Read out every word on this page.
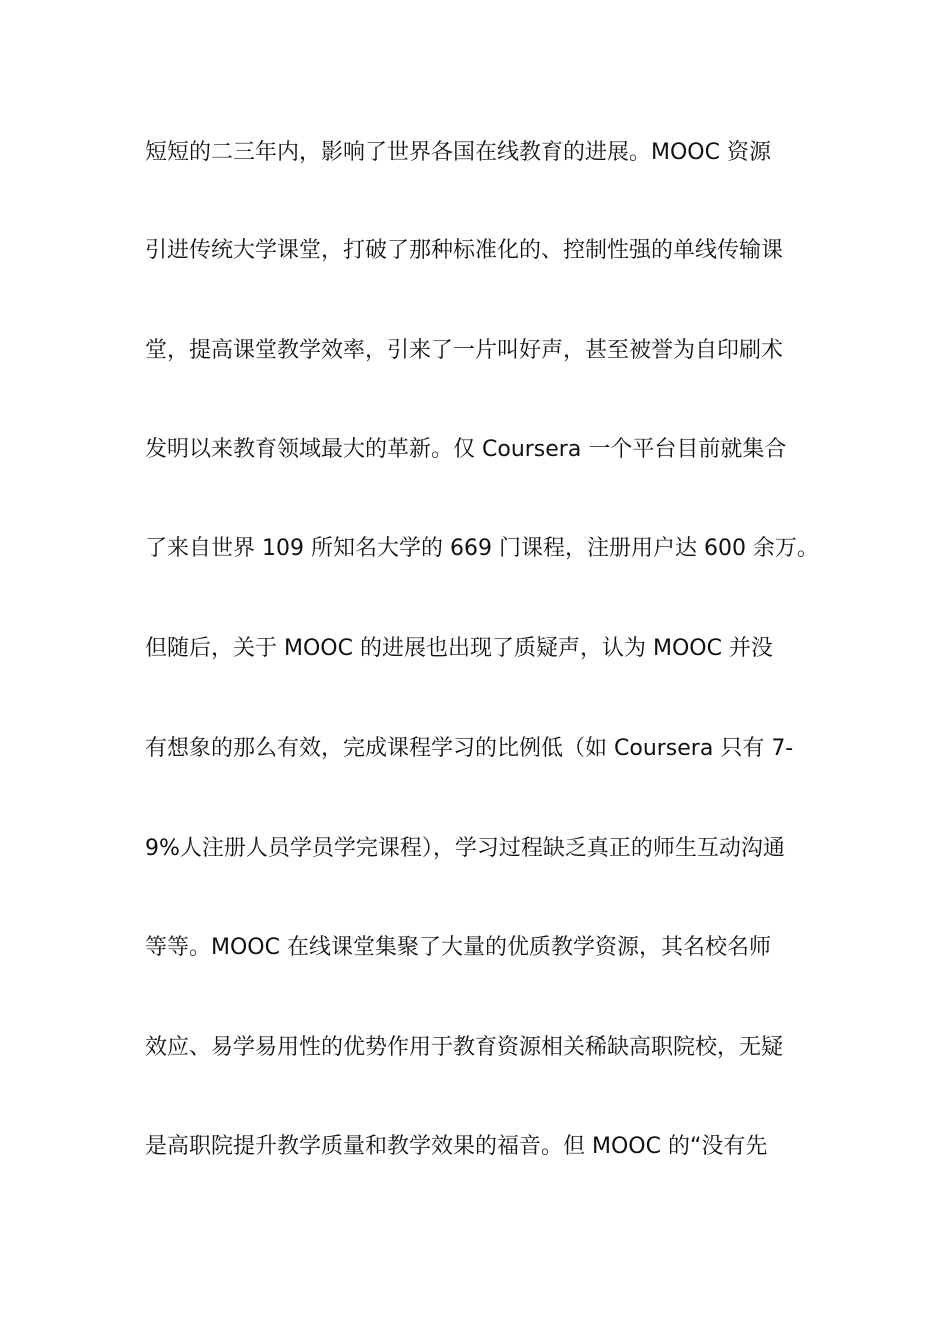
短短的二三年内，影响了世界各国在线教育的进展。MOOC 资源
引进传统大学课堂，打破了那种标准化的、控制性强的单线传输课
堂，提高课堂教学效率，引来了一片叫好声，甚至被誉为自印刷术
发明以来教育领域最大的革新。仅 Coursera 一个平台目前就集合
了来自世界 109 所知名大学的 669 门课程，注册用户达 600 余万。
但随后，关于 MOOC 的进展也出现了质疑声，认为 MOOC 并没
有想象的那么有效，完成课程学习的比例低（如 Coursera 只有 7-
9%人注册人员学员学完课程），学习过程缺乏真正的师生互动沟通
等等。MOOC 在线课堂集聚了大量的优质教学资源，其名校名师
效应、易学易用性的优势作用于教育资源相关稀缺高职院校，无疑
是高职院提升教学质量和教学效果的福音。但 MOOC 的“没有先
